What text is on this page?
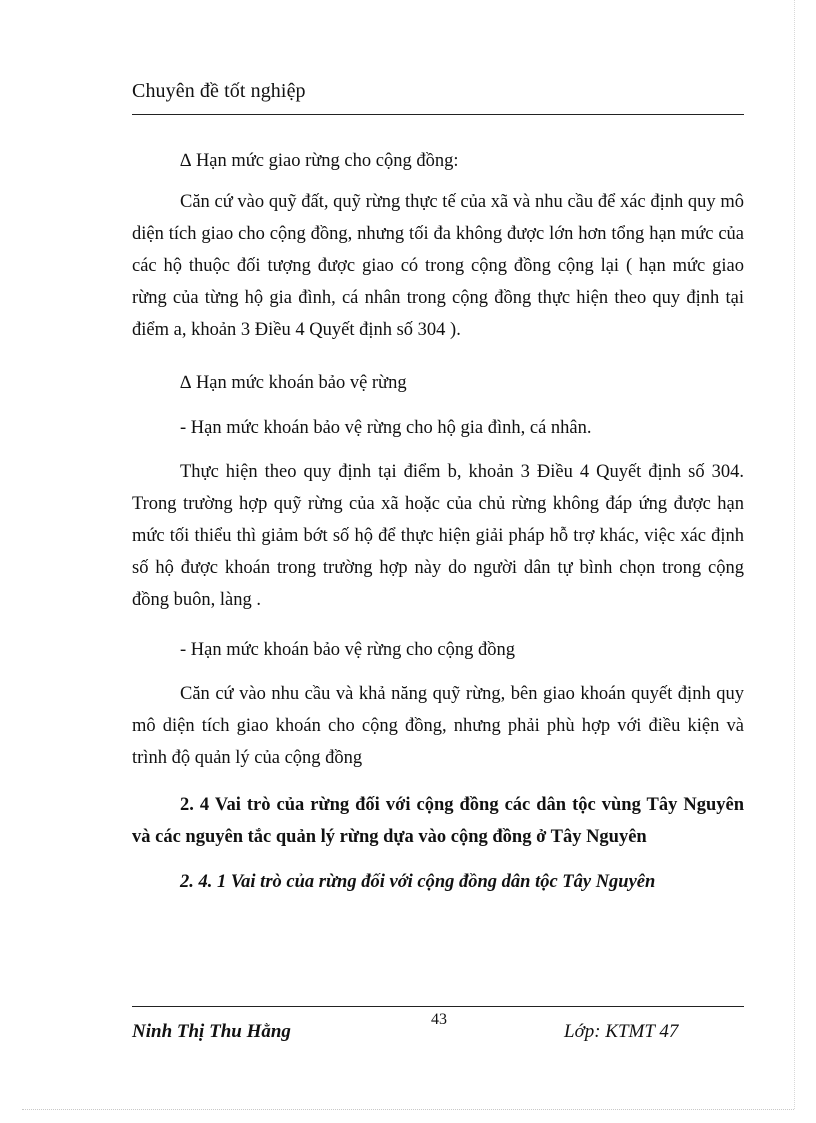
Chuyên đề tốt nghiệp
∆ Hạn mức giao rừng cho cộng đồng:
Căn cứ vào quỹ đất, quỹ rừng thực tế của xã và nhu cầu để xác định quy mô diện tích giao cho cộng đồng, nhưng tối đa không được lớn hơn tổng hạn mức của các hộ thuộc đối tượng được giao có trong cộng đồng cộng lại ( hạn mức giao rừng của từng hộ gia đình, cá nhân trong cộng đồng thực hiện theo quy định tại điểm a, khoản 3 Điều 4 Quyết định số 304 ).
∆ Hạn mức khoán bảo vệ rừng
- Hạn mức khoán bảo vệ rừng cho hộ gia đình, cá nhân.
Thực hiện theo quy định tại điểm b, khoản 3 Điều 4 Quyết định số 304. Trong trường hợp quỹ rừng của xã hoặc của chủ rừng không đáp ứng được hạn mức tối thiểu thì giảm bớt số hộ để thực hiện giải pháp hỗ trợ khác, việc xác định số hộ được khoán trong trường hợp này do người dân tự bình chọn trong cộng đồng buôn, làng .
- Hạn mức khoán bảo vệ rừng cho cộng đồng
Căn cứ vào nhu cầu và khả năng quỹ rừng, bên giao khoán quyết định quy mô diện tích giao khoán cho cộng đồng, nhưng phải phù hợp với điều kiện và trình độ quản lý của cộng đồng
2. 4 Vai trò của rừng đối với cộng đồng các dân tộc vùng Tây Nguyên và các nguyên tắc quản lý rừng dựa vào cộng đồng ở Tây Nguyên
2. 4. 1 Vai trò của rừng đối với cộng đồng dân tộc Tây Nguyên
43
Ninh Thị Thu Hằng	Lớp: KTMT 47
